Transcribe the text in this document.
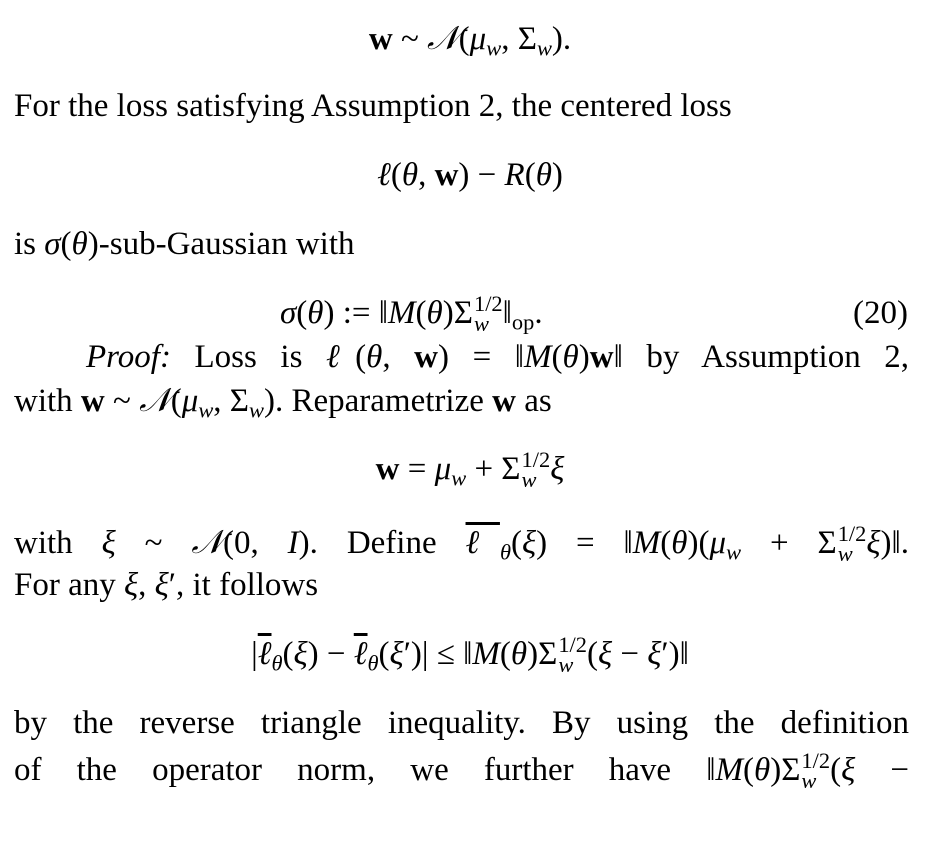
w ~ $𝒩(\mu_w$, $\Sigma_w$).
For the loss satisfying Assumption 2, the centered loss
ℓ(θ, w) − R(θ)
is σ(θ)-sub-Gaussian with
σ(θ) := ‖M(θ)Σ 1/2
w $‖_{op}$.	(20)
Proof: Loss is ℓ(θ, w) = ‖M(θ)w‖ by Assumption 2,
with w ~ $𝒩(\mu_w$, $\Sigma_w$). Reparametrize w as
$w = \mu_w + \Sigma$ 1/2
w ξ
with ξ ~ 𝒩(0, I). Define ℓ$_\theta$(ξ) = $‖M(\theta)(\mu_w + \Sigma$ 1/2
w ξ)‖.
For any ξ, ξ′, it follows
|ℓ$_\theta$(ξ) − ℓ$_\theta$(ξ′)| ≤ ‖M(θ)Σ 1/2
w (ξ − ξ′)‖
by the reverse triangle inequality. By using the definition
of the operator norm, we further have ‖M(θ)Σ 1/2
w (ξ −
